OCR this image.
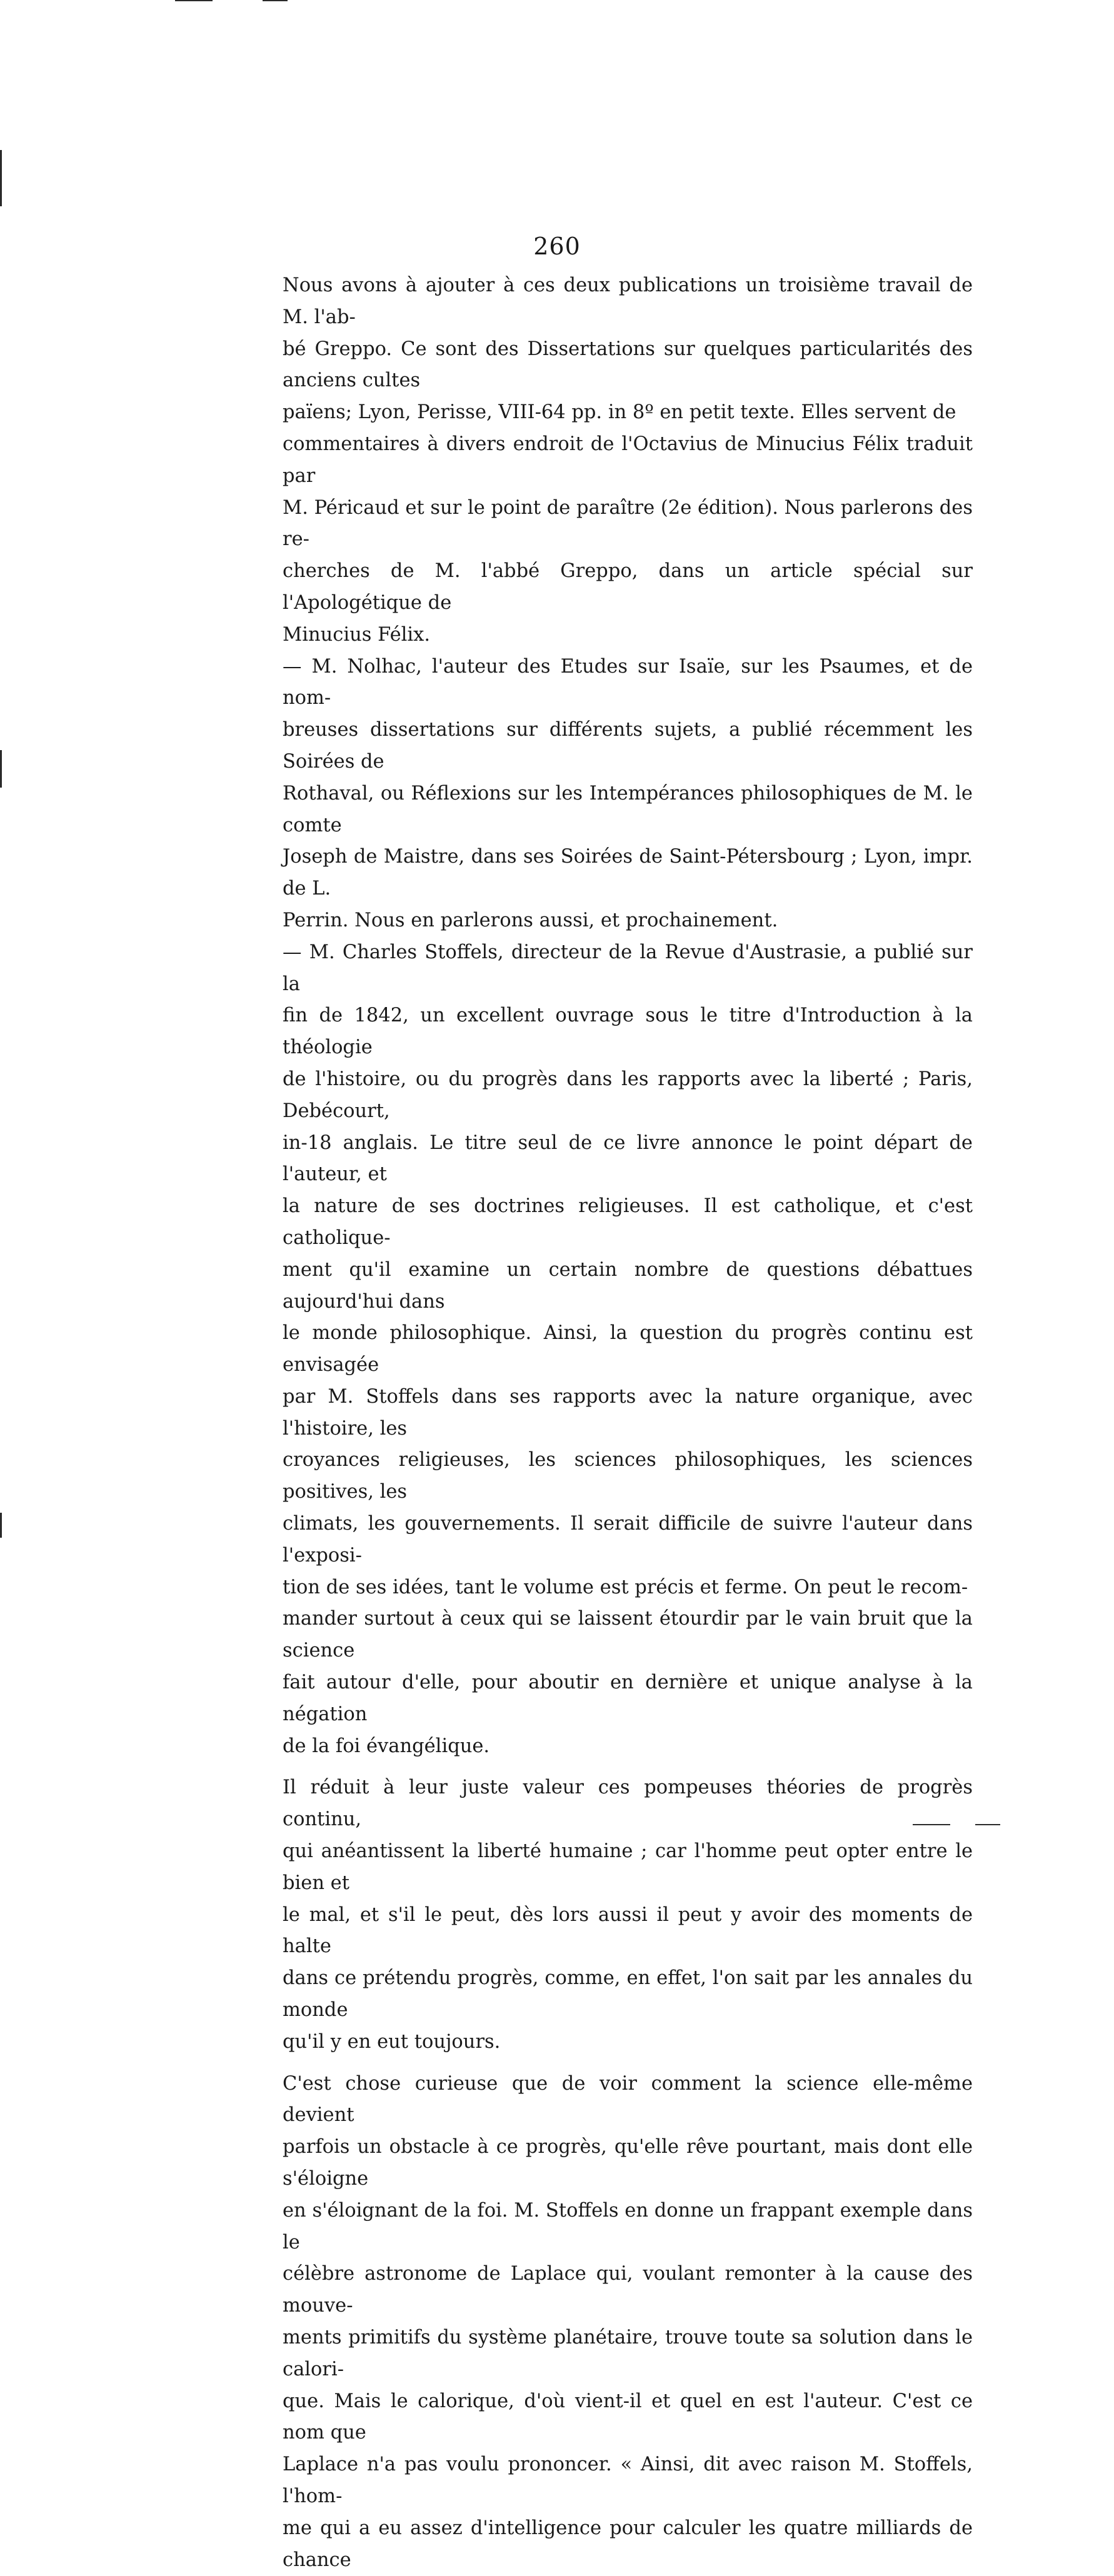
260

Nous avons à ajouter à ces deux publications un troisième travail de M. l'ab-

bé Greppo. Ce sont des Dissertations sur quelques particularités des anciens cultes

païens; Lyon, Perisse, VIII-64 pp. in 8º en petit texte. Elles servent de

commentaires à divers endroit de l'Octavius de Minucius Félix traduit par

M. Péricaud et sur le point de paraître (2e édition). Nous parlerons des re-

cherches de M. l'abbé Greppo, dans un article spécial sur l'Apologétique de

Minucius Félix.

— M. Nolhac, l'auteur des Etudes sur Isaïe, sur les Psaumes, et de nom-

breuses dissertations sur différents sujets, a publié récemment les Soirées de

Rothaval, ou Réflexions sur les Intempérances philosophiques de M. le comte

Joseph de Maistre, dans ses Soirées de Saint-Pétersbourg ; Lyon, impr. de L.

Perrin. Nous en parlerons aussi, et prochainement.

— M. Charles Stoffels, directeur de la Revue d'Austrasie, a publié sur la

fin de 1842, un excellent ouvrage sous le titre d'Introduction à la théologie

de l'histoire, ou du progrès dans les rapports avec la liberté ; Paris, Debécourt,

in-18 anglais. Le titre seul de ce livre annonce le point départ de l'auteur, et

la nature de ses doctrines religieuses. Il est catholique, et c'est catholique-

ment qu'il examine un certain nombre de questions débattues aujourd'hui dans

le monde philosophique. Ainsi, la question du progrès continu est envisagée

par M. Stoffels dans ses rapports avec la nature organique, avec l'histoire, les

croyances religieuses, les sciences philosophiques, les sciences positives, les

climats, les gouvernements. Il serait difficile de suivre l'auteur dans l'exposi-

tion de ses idées, tant le volume est précis et ferme. On peut le recom-

mander surtout à ceux qui se laissent étourdir par le vain bruit que la science

fait autour d'elle, pour aboutir en dernière et unique analyse à la négation

de la foi évangélique.

Il réduit à leur juste valeur ces pompeuses théories de progrès continu,

qui anéantissent la liberté humaine ; car l'homme peut opter entre le bien et

le mal, et s'il le peut, dès lors aussi il peut y avoir des moments de halte

dans ce prétendu progrès, comme, en effet, l'on sait par les annales du monde

qu'il y en eut toujours.

C'est chose curieuse que de voir comment la science elle-même devient

parfois un obstacle à ce progrès, qu'elle rêve pourtant, mais dont elle s'éloigne

en s'éloignant de la foi. M. Stoffels en donne un frappant exemple dans le

célèbre astronome de Laplace qui, voulant remonter à la cause des mouve-

ments primitifs du système planétaire, trouve toute sa solution dans le calori-

que. Mais le calorique, d'où vient-il et quel en est l'auteur. C'est ce nom que

Laplace n'a pas voulu prononcer. « Ainsi, dit avec raison M. Stoffels, l'hom-

me qui a eu assez d'intelligence pour calculer les quatre milliards de chance
